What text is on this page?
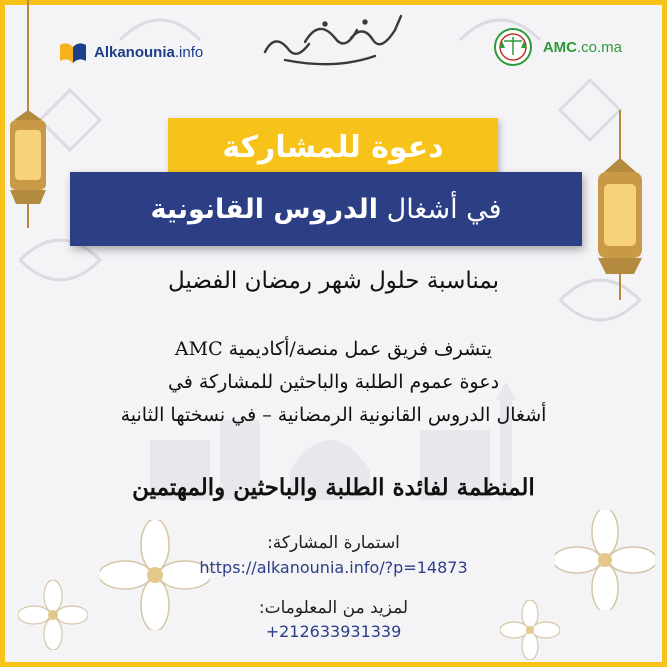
Alkanounia.info	AMC.co.ma
دعوة للمشاركة
في أشغال الدروس القانونية
بمناسبة حلول شهر رمضان الفضيل
يتشرف فريق عمل منصة/أكاديمية AMC
دعوة عموم الطلبة والباحثين للمشاركة في
أشغال الدروس القانونية الرمضانية – في نسختها الثانية
المنظمة لفائدة الطلبة والباحثين والمهتمين
استمارة المشاركة:
https://alkanounia.info/?p=14873
لمزيد من المعلومات:
+212633931339
